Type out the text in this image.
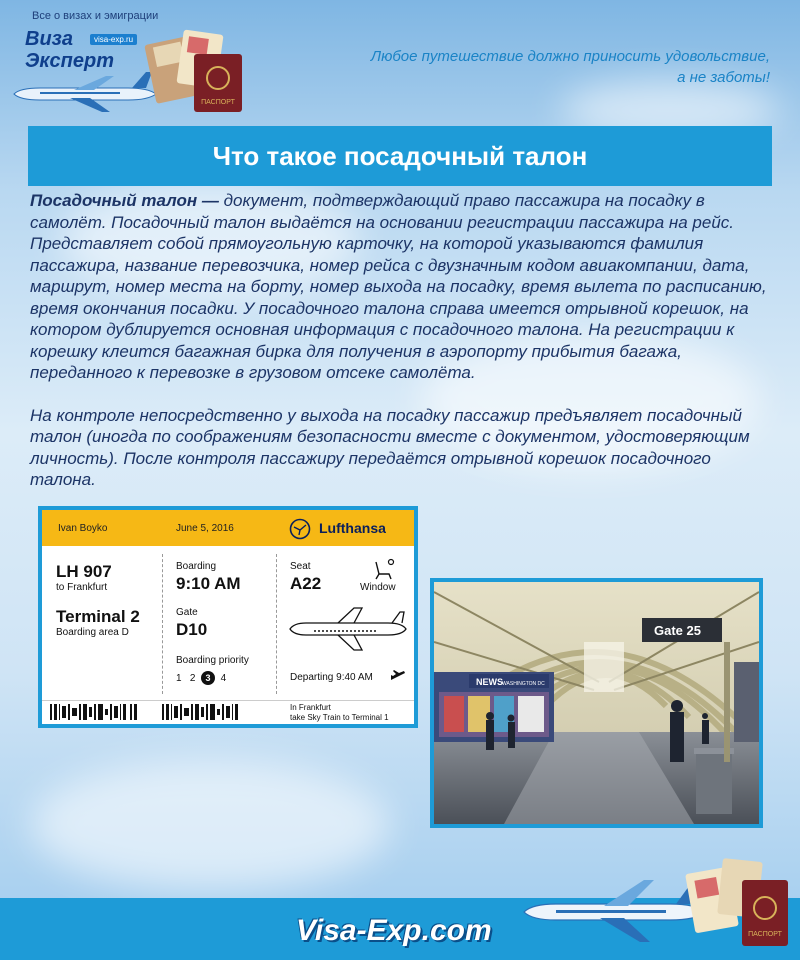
Все о визах и эмиграции
Виза
Эксперт
visa-exp.ru
ПАСПОРТ
Любое путешествие должно приносить удовольствие,
а не заботы!
Что такое посадочный талон

Посадочный талон — документ, подтверждающий право пассажира на посадку в самолёт. Посадочный талон выдаётся на основании регистрации пассажира на рейс. Представляет собой прямоугольную карточку, на которой указываются фамилия пассажира, название перевозчика, номер рейса с двузначным кодом авиакомпании, дата, маршрут, номер места на борту, номер выхода на посадку, время вылета по расписанию, время окончания посадки. У посадочного талона справа имеется отрывной корешок, на котором дублируется основная информация с посадочного талона. На регистрации к корешку клеится багажная бирка для получения в аэропорту прибытия багажа, переданного к перевозке в грузовом отсеке самолёта.

На контроле непосредственно у выхода на посадку пассажир предъявляет посадочный талон (иногда по соображениям безопасности вместе с документом, удостоверяющим личность). После контроля пассажиру передаётся отрывной корешок посадочного талона.

Ivan Boyko	June 5, 2016	Lufthansa
LH 907
to Frankfurt
Terminal 2
Boarding area D
Boarding
9:10 AM
Gate
D10
Boarding priority
1 2 3 4
Seat
A22	Window
Departing 9:40 AM
In Frankfurt
take Sky Train to Terminal 1
NEWS WASHINGTON DC
Gate 25
Visa-Exp.com	ПАСПОРТ
